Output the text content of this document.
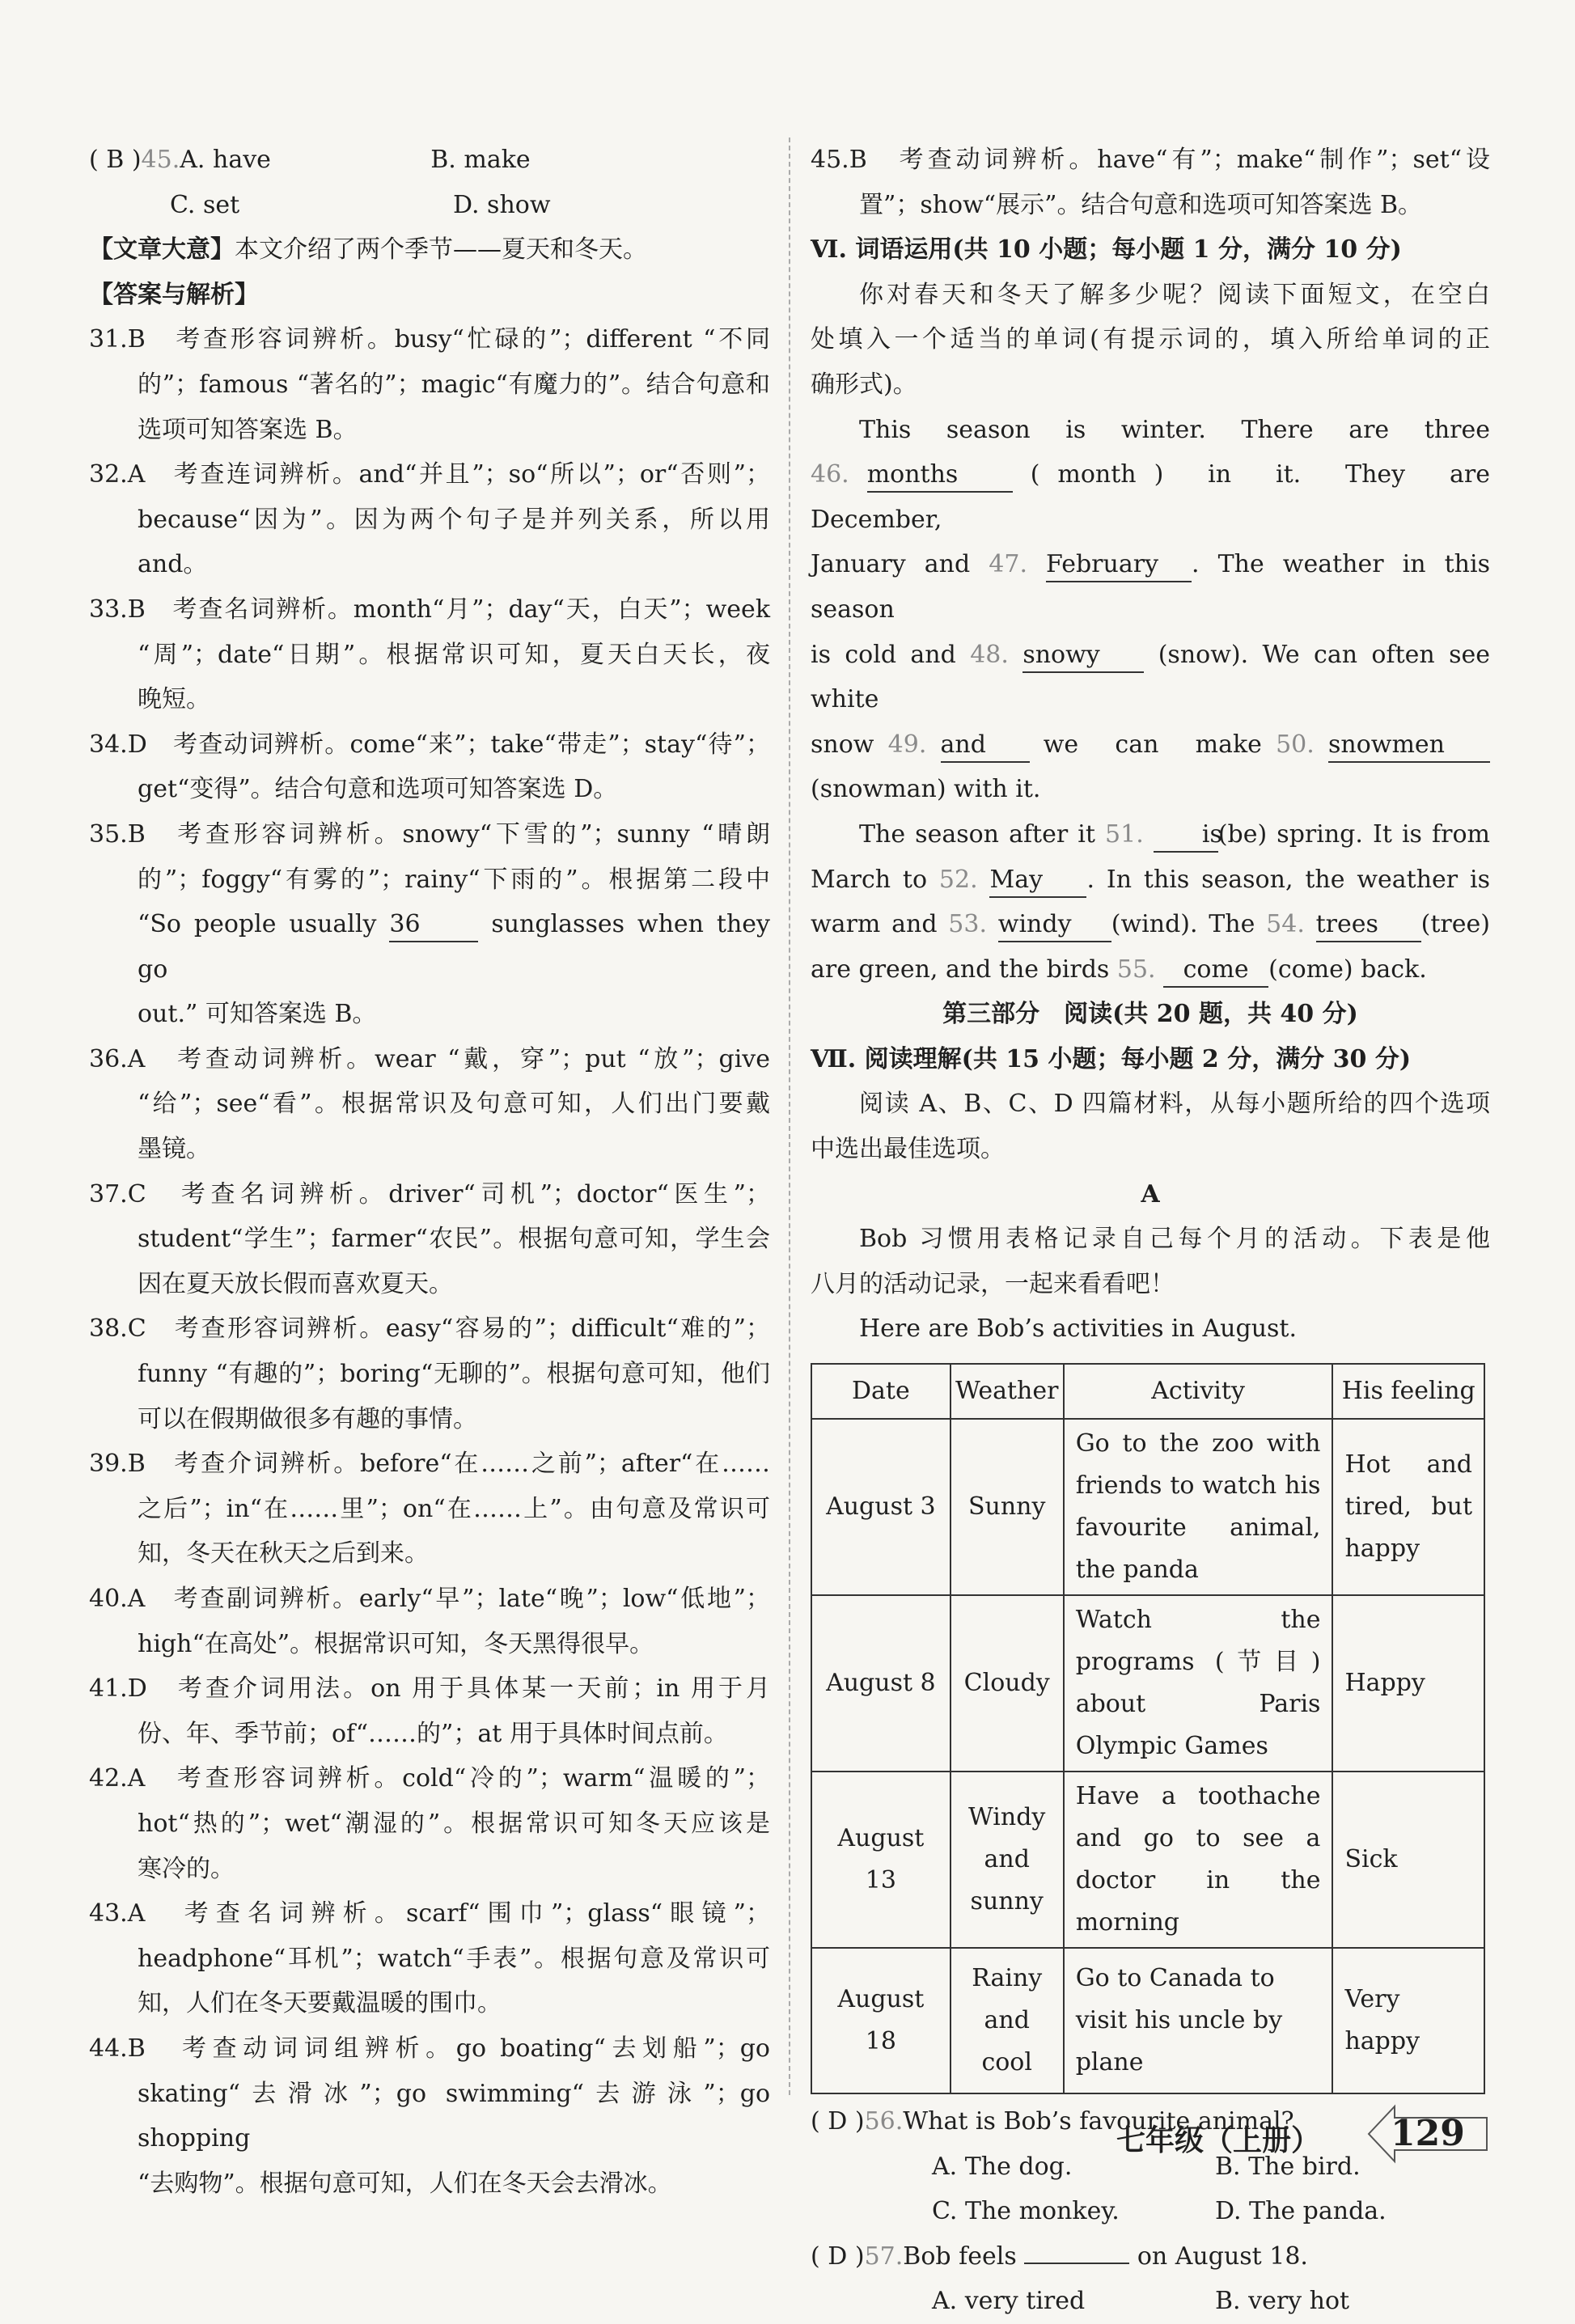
( B )45.A. have	B. make

C. set	D. show

【文章大意】本文介绍了两个季节——夏天和冬天。

【答案与解析】

31.B　考查形容词辨析。busy“忙碌的”；different “不同

的”；famous “著名的”；magic“有魔力的”。结合句意和

选项可知答案选 B。

32.A　考查连词辨析。and“并且”；so“所以”；or“否则”；

because“因为”。因为两个句子是并列关系，所以用

and。

33.B　考查名词辨析。month“月”；day“天，白天”；week

“周”；date“日期”。根据常识可知，夏天白天长，夜

晚短。

34.D　考查动词辨析。come“来”；take“带走”；stay“待”；

get“变得”。结合句意和选项可知答案选 D。

35.B　考查形容词辨析。snowy“下雪的”；sunny “晴朗

的”；foggy“有雾的”；rainy“下雨的”。根据第二段中

“So people usually 36	sunglasses when they go

out.” 可知答案选 B。

36.A　考查动词辨析。wear “戴，穿”；put “放”；give

“给”；see“看”。根据常识及句意可知，人们出门要戴

墨镜。

37.C　考查名词辨析。driver“司机”；doctor“医生”；

student“学生”；farmer“农民”。根据句意可知，学生会

因在夏天放长假而喜欢夏天。

38.C　考查形容词辨析。easy“容易的”；difficult“难的”；

funny “有趣的”；boring“无聊的”。根据句意可知，他们

可以在假期做很多有趣的事情。

39.B　考查介词辨析。before“在……之前”；after“在……

之后”；in“在……里”；on“在……上”。由句意及常识可

知，冬天在秋天之后到来。

40.A　考查副词辨析。early“早”；late“晚”；low“低地”；

high“在高处”。根据常识可知，冬天黑得很早。

41.D　考查介词用法。on 用于具体某一天前；in 用于月

份、年、季节前；of“……的”；at 用于具体时间点前。

42.A　考查形容词辨析。cold“冷的”；warm“温暖的”；

hot“热的”；wet“潮湿的”。根据常识可知冬天应该是

寒冷的。

43.A　考查名词辨析。scarf“围巾”；glass“眼镜”；

headphone“耳机”；watch“手表”。根据句意及常识可

知，人们在冬天要戴温暖的围巾。

44.B　考查动词词组辨析。go boating“去划船”；go

skating“去滑冰”；go swimming“去游泳”；go shopping

“去购物”。根据句意可知，人们在冬天会去滑冰。

45.B　考查动词辨析。have“有”；make“制作”；set“设

置”；show“展示”。结合句意和选项可知答案选 B。

Ⅵ. 词语运用(共 10 小题；每小题 1 分，满分 10 分)

你对春天和冬天了解多少呢？阅读下面短文，在空白

处填入一个适当的单词(有提示词的，填入所给单词的正

确形式)。

This　season　is　winter.　There　are　three

46. months	( month )　in　it.　They　are　December,

January and 47. February . The weather in this season

is cold and 48. snowy (snow). We can often see white

snow 49. and we　can　make 50. snowmen

(snowman) with it.

The season after it 51. is(be) spring. It is from

March to 52. May . In this season, the weather is

warm and 53. windy (wind). The 54. trees (tree)

are green, and the birds 55. come (come) back.

第三部分　阅读(共 20 题，共 40 分)

Ⅶ. 阅读理解(共 15 小题；每小题 2 分，满分 30 分)

阅读 A、B、C、D 四篇材料，从每小题所给的四个选项

中选出最佳选项。

A

Bob 习惯用表格记录自己每个月的活动。下表是他

八月的活动记录，一起来看看吧！

Here are Bob’s activities in August.

Date	Weather	Activity	His feeling
August 3	Sunny	Go to the zoo with friends to watch his favourite animal, the panda	Hot and tired, but happy
August 8	Cloudy	Watch the programs (节目) about Paris Olympic Games	Happy
August 13	Windy and sunny	Have a toothache and go to see a doctor in the morning	Sick
August 18	Rainy and cool	Go to Canada to visit his uncle by plane	Very happy

( D )56.What is Bob’s favourite animal?

A. The dog.	B. The bird.

C. The monkey.	D. The panda.

( D )57.Bob feels	on August 18.

A. very tired	B. very hot

七年级（上册）	129
